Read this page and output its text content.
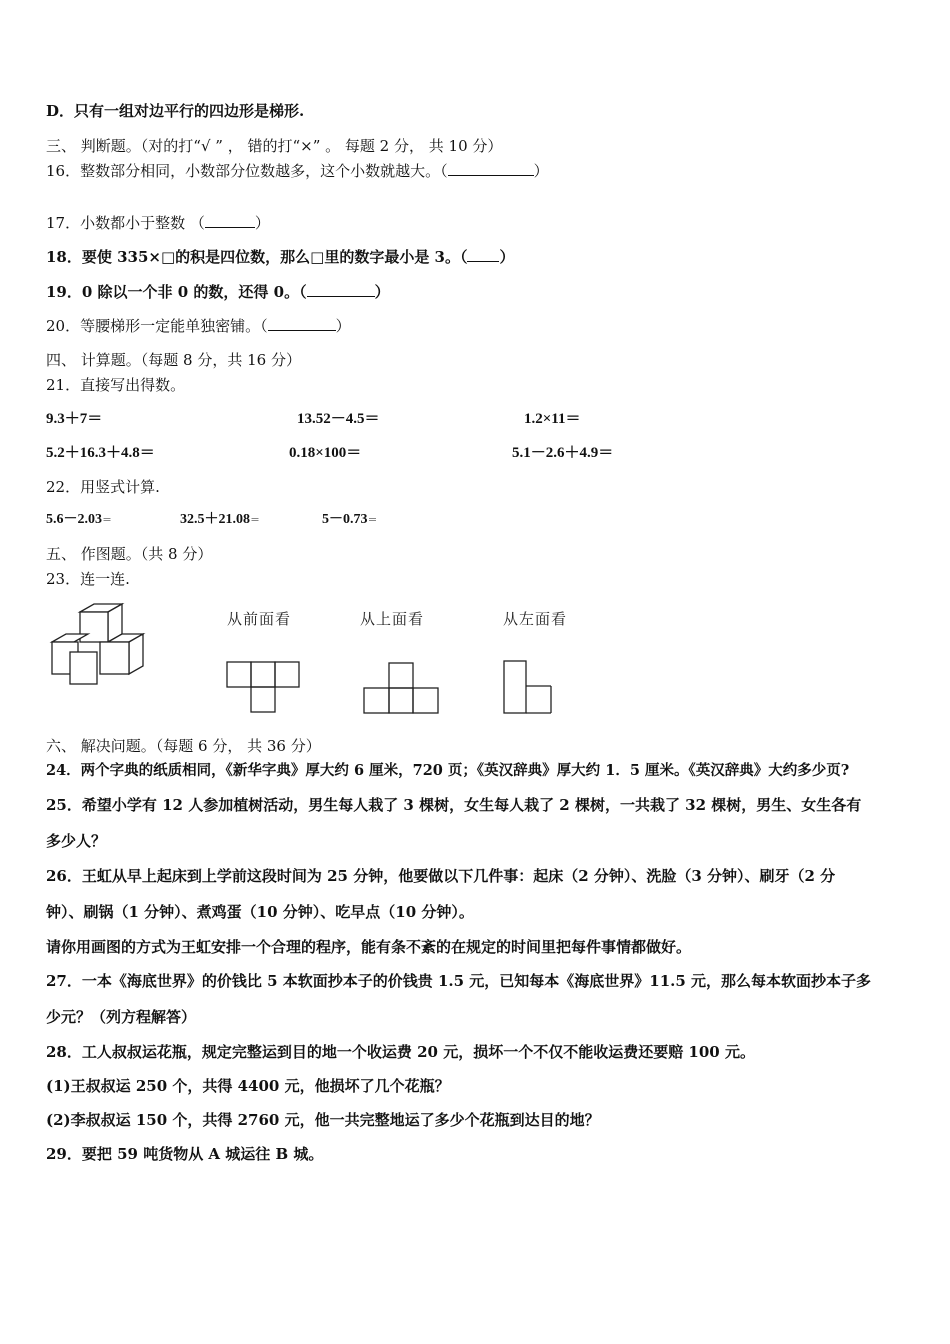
D．只有一组对边平行的四边形是梯形.
三、 判断题。（对的打“√ ” ， 错的打“×” 。 每题 2 分， 共 10 分）
16．整数部分相同，小数部分位数越多，这个小数就越大。（	）
17．小数都小于整数 （	）
18．要使 335×□的积是四位数，那么□里的数字最小是 3。（ ）
19．0 除以一个非 0 的数，还得 0。（	）
20．等腰梯形一定能单独密铺。（	）
四、 计算题。（每题 8 分，共 16 分）
21．直接写出得数。
9.3＋7＝	13.52－4.5＝	1.2×11＝
5.2＋16.3＋4.8＝	0.18×100＝	5.1－2.6＋4.9＝
22．用竖式计算.
5.6－2.03＝	32.5＋21.08＝	5－0.73＝
五、 作图题。（共 8 分）
23．连一连.
从前面看	从上面看	从左面看
六、 解决问题。（每题 6 分， 共 36 分）
24．两个字典的纸质相同，《新华字典》厚大约 6 厘米，720 页；《英汉辞典》厚大约 1．5 厘米。《英汉辞典》大约多少页?
25．希望小学有 12 人参加植树活动，男生每人栽了 3 棵树，女生每人栽了 2 棵树，一共栽了 32 棵树，男生、女生各有
多少人？
26．王虹从早上起床到上学前这段时间为 25 分钟，他要做以下几件事：起床（2 分钟）、洗脸（3 分钟）、刷牙（2 分
钟）、刷锅（1 分钟）、煮鸡蛋（10 分钟）、吃早点（10 分钟）。
请你用画图的方式为王虹安排一个合理的程序，能有条不紊的在规定的时间里把每件事情都做好。
27．一本《海底世界》的价钱比 5 本软面抄本子的价钱贵 1.5 元，已知每本《海底世界》11.5 元，那么每本软面抄本子多
少元？（列方程解答）
28．工人叔叔运花瓶，规定完整运到目的地一个收运费 20 元，损坏一个不仅不能收运费还要赔 100 元。
(1)王叔叔运 250 个，共得 4400 元，他损坏了几个花瓶？
(2)李叔叔运 150 个，共得 2760 元，他一共完整地运了多少个花瓶到达目的地？
29．要把 59 吨货物从 A 城运往 B 城。
